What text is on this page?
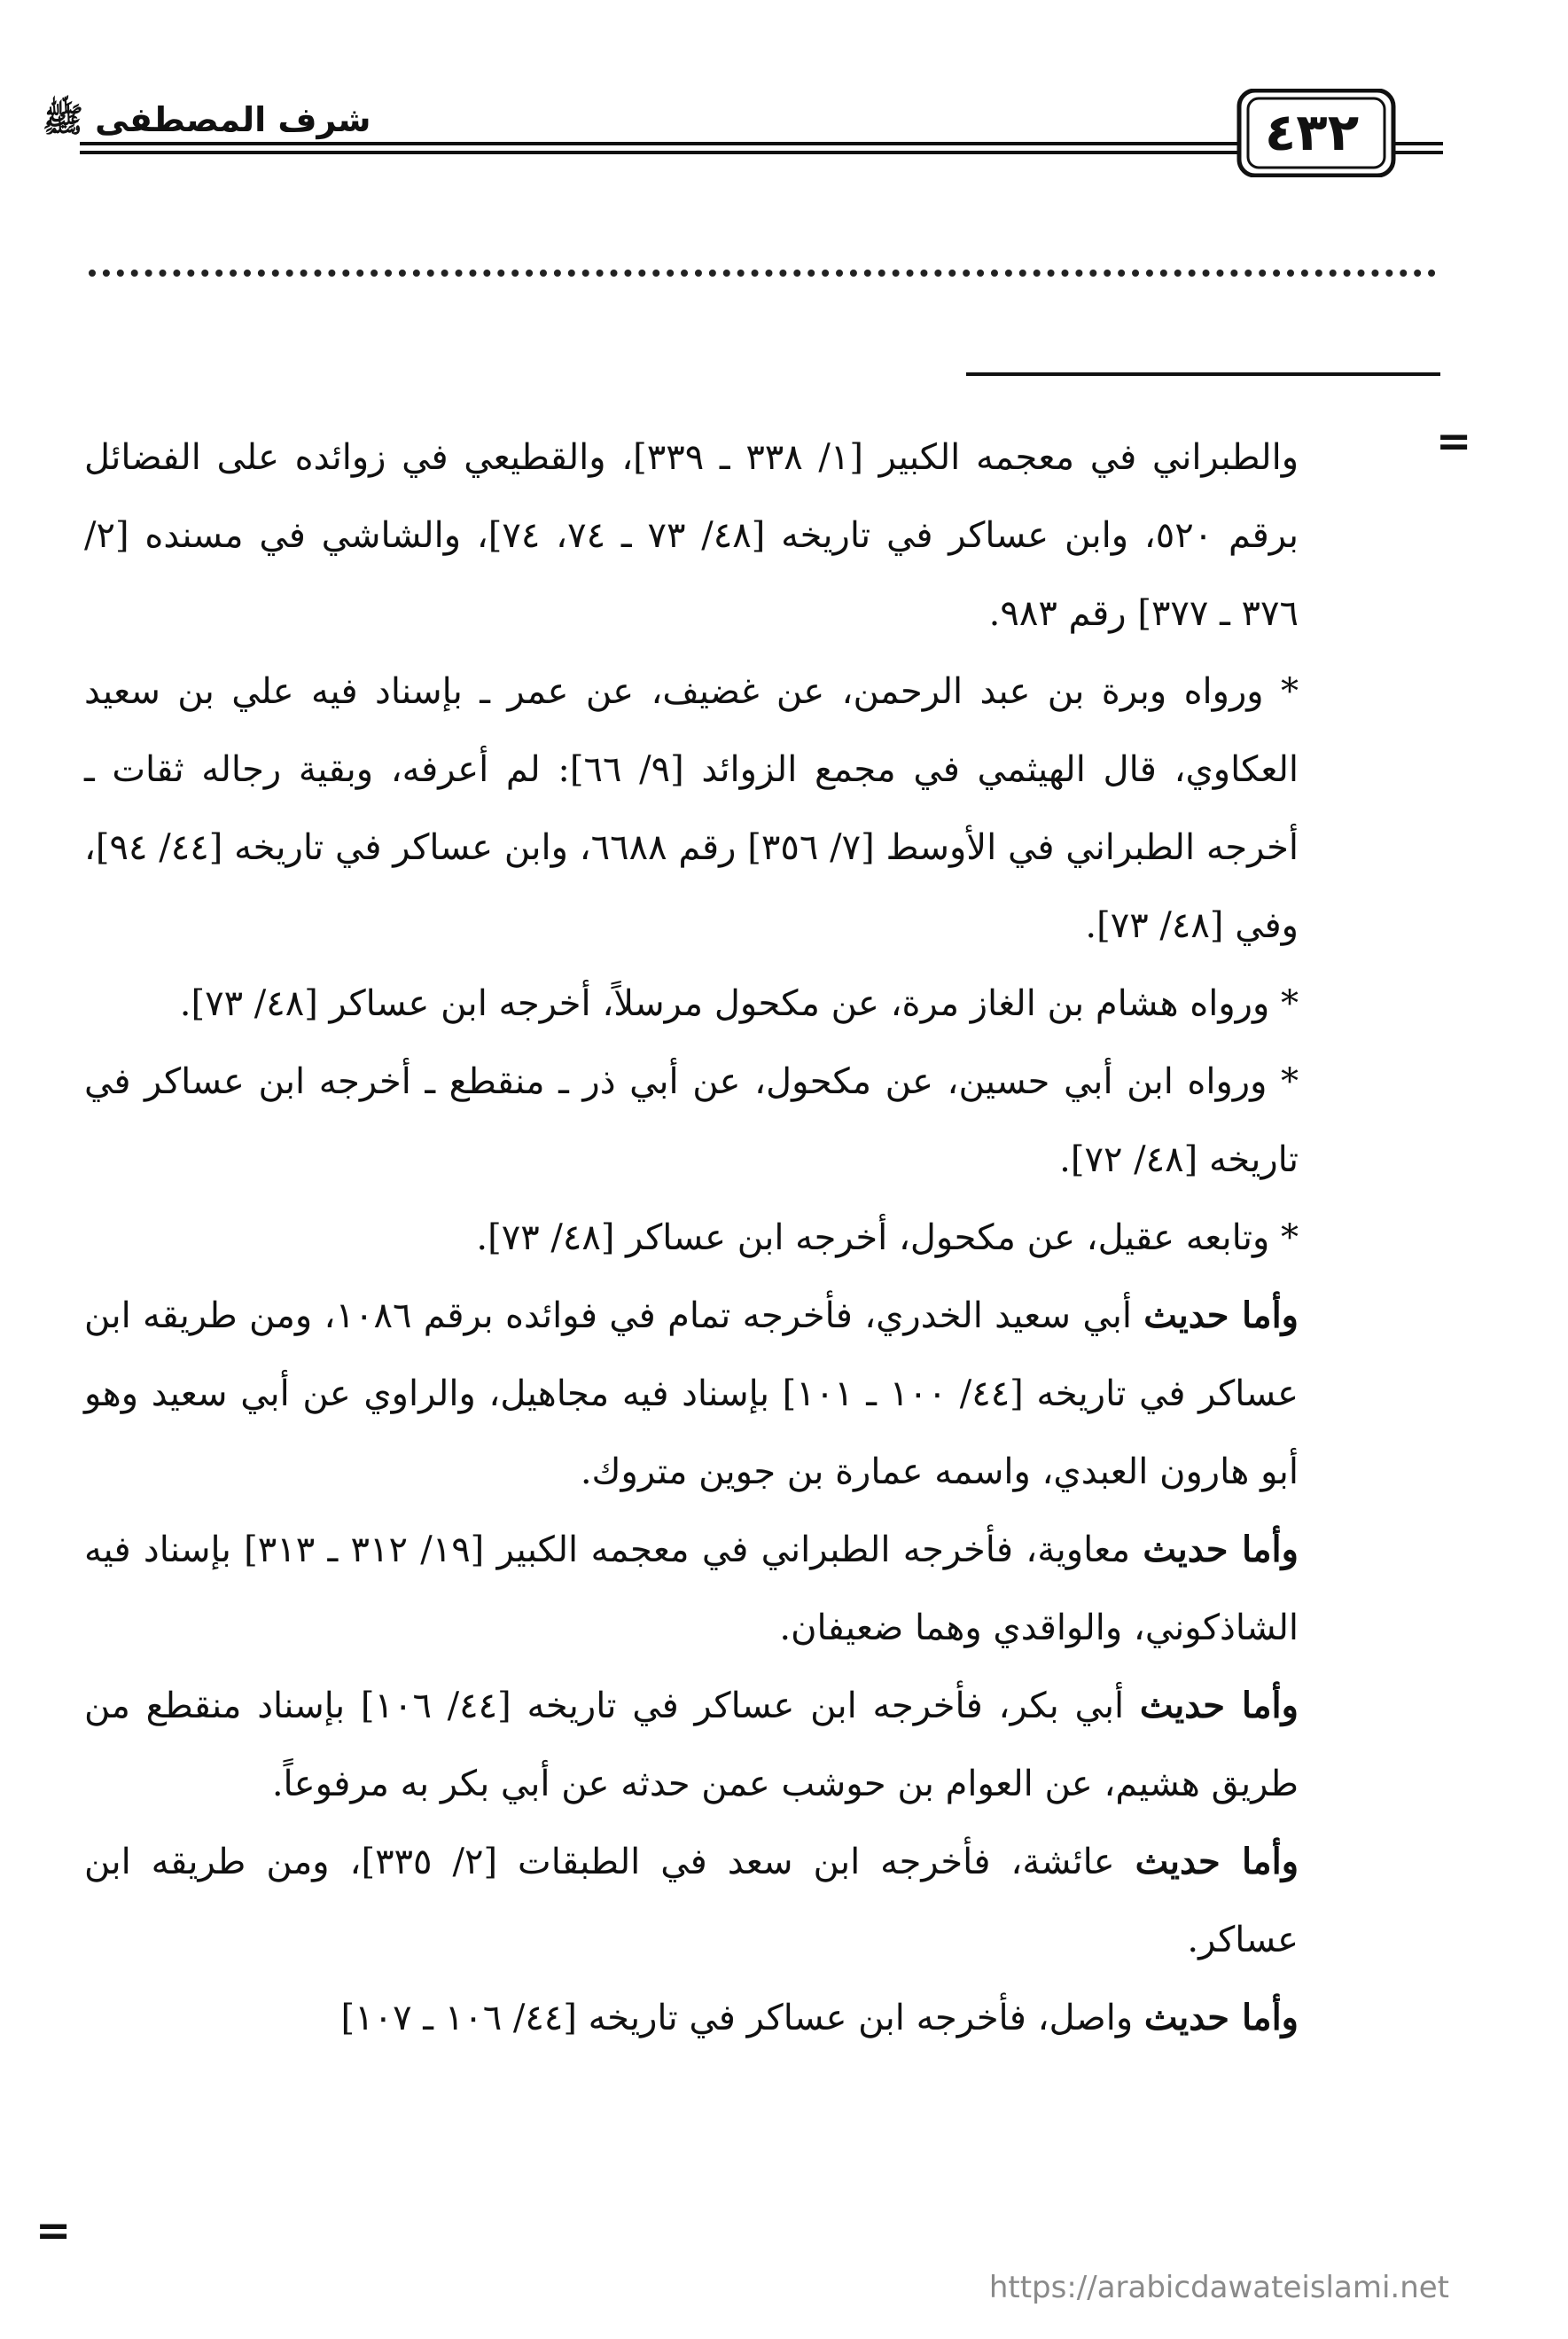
شرف المصطفى ﷺ	٤٣٢
=

والطبراني في معجمه الكبير [١/ ٣٣٨ ـ ٣٣٩]، والقطيعي في زوائده على الفضائل برقم ٥٢٠، وابن عساكر في تاريخه [٤٨/ ٧٣ ـ ٧٤، ٧٤]، والشاشي في مسنده [٢/ ٣٧٦ ـ ٣٧٧] رقم ٩٨٣.

* ورواه وبرة بن عبد الرحمن، عن غضيف، عن عمر ـ بإسناد فيه علي بن سعيد العكاوي، قال الهيثمي في مجمع الزوائد [٩/ ٦٦]: لم أعرفه، وبقية رجاله ثقات ـ أخرجه الطبراني في الأوسط [٧/ ٣٥٦] رقم ٦٦٨٨، وابن عساكر في تاريخه [٤٤/ ٩٤]، وفي [٤٨/ ٧٣].

* ورواه هشام بن الغاز مرة، عن مكحول مرسلاً، أخرجه ابن عساكر [٤٨/ ٧٣].

* ورواه ابن أبي حسين، عن مكحول، عن أبي ذر ـ منقطع ـ أخرجه ابن عساكر في تاريخه [٤٨/ ٧٢].

* وتابعه عقيل، عن مكحول، أخرجه ابن عساكر [٤٨/ ٧٣].

وأما حديث أبي سعيد الخدري، فأخرجه تمام في فوائده برقم ١٠٨٦، ومن طريقه ابن عساكر في تاريخه [٤٤/ ١٠٠ ـ ١٠١] بإسناد فيه مجاهيل، والراوي عن أبي سعيد وهو أبو هارون العبدي، واسمه عمارة بن جوين متروك.

وأما حديث معاوية، فأخرجه الطبراني في معجمه الكبير [١٩/ ٣١٢ ـ ٣١٣] بإسناد فيه الشاذكوني، والواقدي وهما ضعيفان.

وأما حديث أبي بكر، فأخرجه ابن عساكر في تاريخه [٤٤/ ١٠٦] بإسناد منقطع من طريق هشيم، عن العوام بن حوشب عمن حدثه عن أبي بكر به مرفوعاً.

وأما حديث عائشة، فأخرجه ابن سعد في الطبقات [٢/ ٣٣٥]، ومن طريقه ابن عساكر.

وأما حديث واصل، فأخرجه ابن عساكر في تاريخه [٤٤/ ١٠٦ ـ ١٠٧]

=
https://arabicdawateislami.net
